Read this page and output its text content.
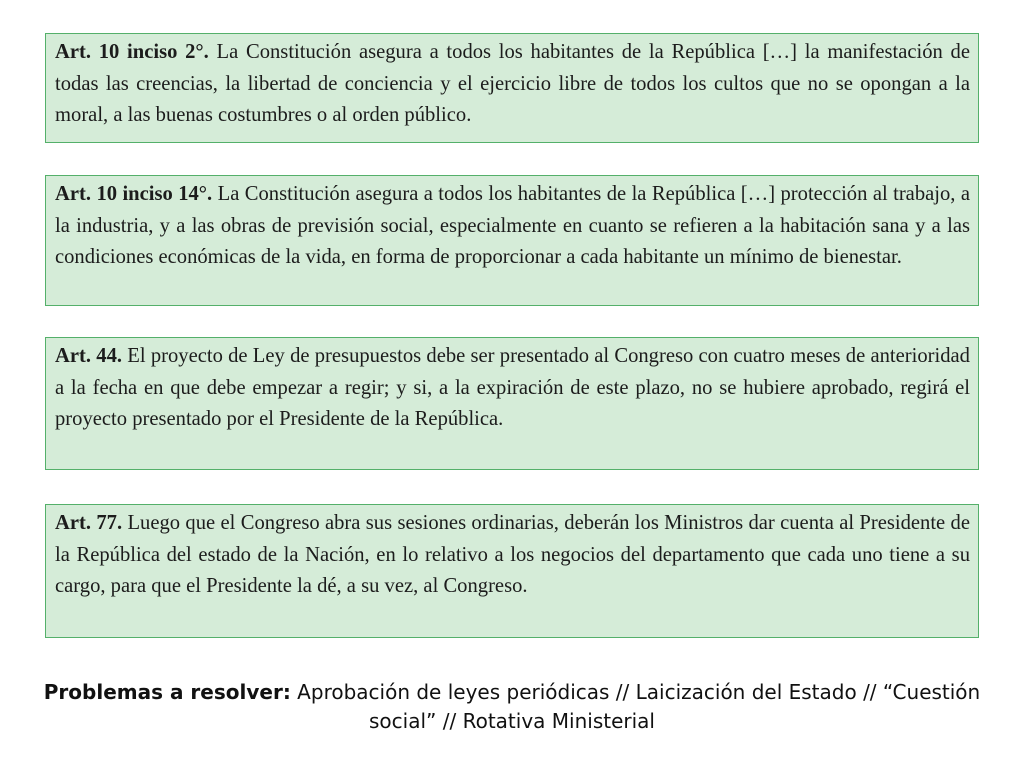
Art. 10 inciso 2°. La Constitución asegura a todos los habitantes de la República […] la manifestación de todas las creencias, la libertad de conciencia y el ejercicio libre de todos los cultos que no se opongan a la moral, a las buenas costumbres o al orden público.
Art. 10 inciso 14°. La Constitución asegura a todos los habitantes de la República […] protección al trabajo, a la industria, y a las obras de previsión social, especialmente en cuanto se refieren a la habitación sana y a las condiciones económicas de la vida, en forma de proporcionar a cada habitante un mínimo de bienestar.
Art. 44. El proyecto de Ley de presupuestos debe ser presentado al Congreso con cuatro meses de anterioridad a la fecha en que debe empezar a regir; y si, a la expiración de este plazo, no se hubiere aprobado, regirá el proyecto presentado por el Presidente de la República.
Art. 77. Luego que el Congreso abra sus sesiones ordinarias, deberán los Ministros dar cuenta al Presidente de la República del estado de la Nación, en lo relativo a los negocios del departamento que cada uno tiene a su cargo, para que el Presidente la dé, a su vez, al Congreso.
Problemas a resolver: Aprobación de leyes periódicas // Laicización del Estado // “Cuestión social” // Rotativa Ministerial
